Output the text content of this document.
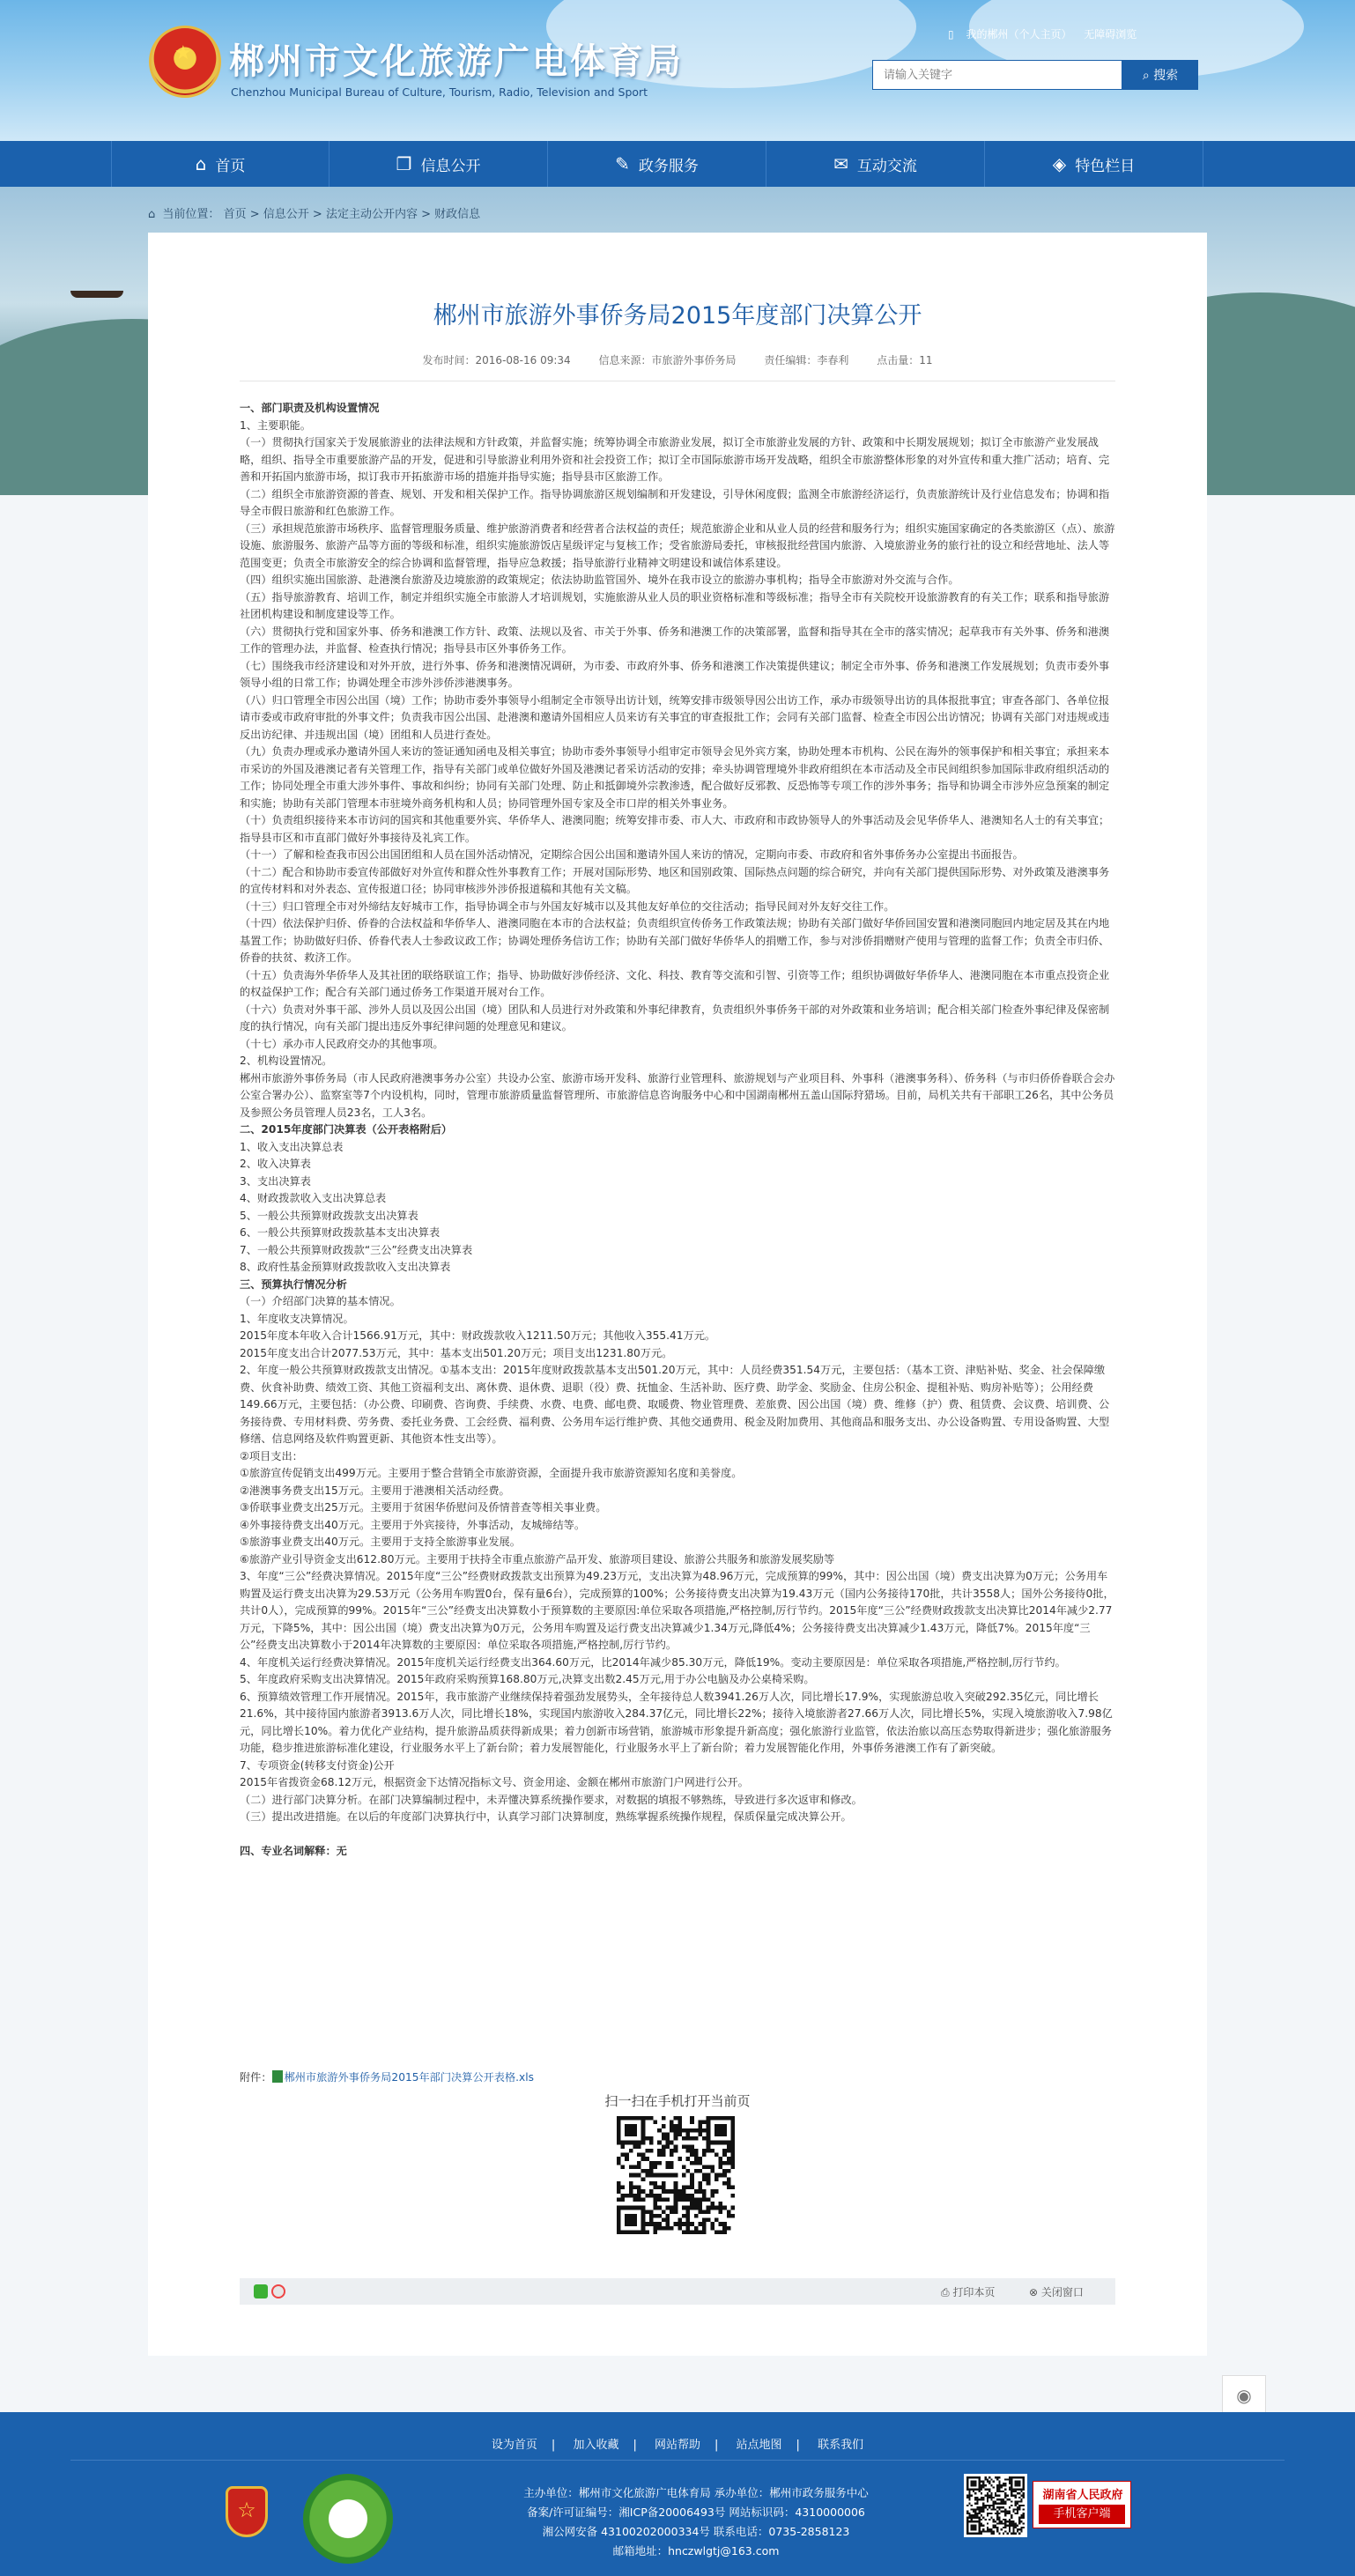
★ 郴州市文化旅游广电体育局
Chenzhou Municipal Bureau of Culture, Tourism, Radio, Television and Sport
▯ 我的郴州（个人主页） 无障碍浏览
请输入关键字
⌕ 搜索
⌂ 首页	❐ 信息公开	✎ 政务服务	✉ 互动交流	◈ 特色栏目
⌂ 当前位置： 首页 > 信息公开 > 法定主动公开内容 > 财政信息
郴州市旅游外事侨务局2015年度部门决算公开
发布时间：2016-08-16 09:34	信息来源：市旅游外事侨务局	责任编辑：李春利	点击量：11

一、部门职责及机构设置情况

1、主要职能。

（一）贯彻执行国家关于发展旅游业的法律法规和方针政策，并监督实施；统筹协调全市旅游业发展，拟订全市旅游业发展的方针、政策和中长期发展规划；拟订全市旅游产业发展战略，组织、指导全市重要旅游产品的开发，促进和引导旅游业利用外资和社会投资工作；拟订全市国际旅游市场开发战略，组织全市旅游整体形象的对外宣传和重大推广活动；培育、完善和开拓国内旅游市场，拟订我市开拓旅游市场的措施并指导实施；指导县市区旅游工作。

（二）组织全市旅游资源的普查、规划、开发和相关保护工作。指导协调旅游区规划编制和开发建设，引导休闲度假；监测全市旅游经济运行，负责旅游统计及行业信息发布；协调和指导全市假日旅游和红色旅游工作。

（三）承担规范旅游市场秩序、监督管理服务质量、维护旅游消费者和经营者合法权益的责任；规范旅游企业和从业人员的经营和服务行为；组织实施国家确定的各类旅游区（点）、旅游设施、旅游服务、旅游产品等方面的等级和标准，组织实施旅游饭店星级评定与复核工作；受省旅游局委托，审核报批经营国内旅游、入境旅游业务的旅行社的设立和经营地址、法人等范围变更；负责全市旅游安全的综合协调和监督管理，指导应急救援；指导旅游行业精神文明建设和诚信体系建设。

（四）组织实施出国旅游、赴港澳台旅游及边境旅游的政策规定；依法协助监管国外、境外在我市设立的旅游办事机构；指导全市旅游对外交流与合作。

（五）指导旅游教育、培训工作，制定并组织实施全市旅游人才培训规划，实施旅游从业人员的职业资格标准和等级标准；指导全市有关院校开设旅游教育的有关工作；联系和指导旅游社团机构建设和制度建设等工作。

（六）贯彻执行党和国家外事、侨务和港澳工作方针、政策、法规以及省、市关于外事、侨务和港澳工作的决策部署，监督和指导其在全市的落实情况；起草我市有关外事、侨务和港澳工作的管理办法，并监督、检查执行情况；指导县市区外事侨务工作。

（七）围绕我市经济建设和对外开放，进行外事、侨务和港澳情况调研，为市委、市政府外事、侨务和港澳工作决策提供建议；制定全市外事、侨务和港澳工作发展规划；负责市委外事领导小组的日常工作；协调处理全市涉外涉侨涉港澳事务。

（八）归口管理全市因公出国（境）工作；协助市委外事领导小组制定全市领导出访计划，统筹安排市级领导因公出访工作，承办市级领导出访的具体报批事宜；审查各部门、各单位报请市委或市政府审批的外事文件；负责我市因公出国、赴港澳和邀请外国相应人员来访有关事宜的审查报批工作；会同有关部门监督、检查全市因公出访情况；协调有关部门对违规或违反出访纪律、并违规出国（境）团组和人员进行查处。

（九）负责办理或承办邀请外国人来访的签证通知函电及相关事宜；协助市委外事领导小组审定市领导会见外宾方案，协助处理本市机构、公民在海外的领事保护和相关事宜；承担来本市采访的外国及港澳记者有关管理工作，指导有关部门或单位做好外国及港澳记者采访活动的安排；牵头协调管理境外非政府组织在本市活动及全市民间组织参加国际非政府组织活动的工作；协同处理全市重大涉外事件、事故和纠纷；协同有关部门处理、防止和抵御境外宗教渗透，配合做好反邪教、反恐怖等专项工作的涉外事务；指导和协调全市涉外应急预案的制定和实施；协助有关部门管理本市驻境外商务机构和人员；协同管理外国专家及全市口岸的相关外事业务。

（十）负责组织接待来本市访问的国宾和其他重要外宾、华侨华人、港澳同胞；统筹安排市委、市人大、市政府和市政协领导人的外事活动及会见华侨华人、港澳知名人士的有关事宜；指导县市区和市直部门做好外事接待及礼宾工作。

（十一）了解和检查我市因公出国团组和人员在国外活动情况，定期综合因公出国和邀请外国人来访的情况，定期向市委、市政府和省外事侨务办公室提出书面报告。

（十二）配合和协助市委宣传部做好对外宣传和群众性外事教育工作；开展对国际形势、地区和国别政策、国际热点问题的综合研究，并向有关部门提供国际形势、对外政策及港澳事务的宣传材料和对外表态、宣传报道口径；协同审核涉外涉侨报道稿和其他有关文稿。

（十三）归口管理全市对外缔结友好城市工作，指导协调全市与外国友好城市以及其他友好单位的交往活动；指导民间对外友好交往工作。

（十四）依法保护归侨、侨眷的合法权益和华侨华人、港澳同胞在本市的合法权益；负责组织宣传侨务工作政策法规；协助有关部门做好华侨回国安置和港澳同胞回内地定居及其在内地基置工作；协助做好归侨、侨眷代表人士参政议政工作；协调处理侨务信访工作；协助有关部门做好华侨华人的捐赠工作，参与对涉侨捐赠财产使用与管理的监督工作；负责全市归侨、侨眷的扶贫、救济工作。

（十五）负责海外华侨华人及其社团的联络联谊工作；指导、协助做好涉侨经济、文化、科技、教育等交流和引智、引资等工作；组织协调做好华侨华人、港澳同胞在本市重点投资企业的权益保护工作；配合有关部门通过侨务工作渠道开展对台工作。

（十六）负责对外事干部、涉外人员以及因公出国（境）团队和人员进行对外政策和外事纪律教育，负责组织外事侨务干部的对外政策和业务培训；配合相关部门检查外事纪律及保密制度的执行情况，向有关部门提出违反外事纪律问题的处理意见和建议。

（十七）承办市人民政府交办的其他事项。

2、机构设置情况。

郴州市旅游外事侨务局（市人民政府港澳事务办公室）共设办公室、旅游市场开发科、旅游行业管理科、旅游规划与产业项目科、外事科（港澳事务科）、侨务科（与市归侨侨眷联合会办公室合署办公）、监察室等7个内设机构，同时，管理市旅游质量监督管理所、市旅游信息咨询服务中心和中国湖南郴州五盖山国际狩猎场。目前，局机关共有干部职工26名，其中公务员及参照公务员管理人员23名，工人3名。

二、2015年度部门决算表（公开表格附后）

1、收入支出决算总表

2、收入决算表

3、支出决算表

4、财政拨款收入支出决算总表

5、一般公共预算财政拨款支出决算表

6、一般公共预算财政拨款基本支出决算表

7、一般公共预算财政拨款“三公”经费支出决算表

8、政府性基金预算财政拨款收入支出决算表

三、预算执行情况分析

（一）介绍部门决算的基本情况。

1、年度收支决算情况。

2015年度本年收入合计1566.91万元，其中：财政拨款收入1211.50万元；其他收入355.41万元。

2015年度支出合计2077.53万元，其中：基本支出501.20万元；项目支出1231.80万元。

2、年度一般公共预算财政拨款支出情况。①基本支出：2015年度财政拨款基本支出501.20万元，其中：人员经费351.54万元，主要包括：（基本工资、津贴补贴、奖金、社会保障缴费、伙食补助费、绩效工资、其他工资福利支出、离休费、退休费、退职（役）费、抚恤金、生活补助、医疗费、助学金、奖励金、住房公积金、提租补贴、购房补贴等）；公用经费149.66万元，主要包括：（办公费、印刷费、咨询费、手续费、水费、电费、邮电费、取暖费、物业管理费、差旅费、因公出国（境）费、维修（护）费、租赁费、会议费、培训费、公务接待费、专用材料费、劳务费、委托业务费、工会经费、福利费、公务用车运行维护费、其他交通费用、税金及附加费用、其他商品和服务支出、办公设备购置、专用设备购置、大型修缮、信息网络及软件购置更新、其他资本性支出等）。

②项目支出：

①旅游宣传促销支出499万元。主要用于整合营销全市旅游资源，全面提升我市旅游资源知名度和美誉度。

②港澳事务费支出15万元。主要用于港澳相关活动经费。

③侨联事业费支出25万元。主要用于贫困华侨慰问及侨情普查等相关事业费。

④外事接待费支出40万元。主要用于外宾接待，外事活动，友城缔结等。

⑤旅游事业费支出40万元。主要用于支持全旅游事业发展。

⑥旅游产业引导资金支出612.80万元。主要用于扶持全市重点旅游产品开发、旅游项目建设、旅游公共服务和旅游发展奖励等

3、年度“三公”经费决算情况。2015年度“三公”经费财政拨款支出预算为49.23万元，支出决算为48.96万元，完成预算的99%，其中：因公出国（境）费支出决算为0万元；公务用车购置及运行费支出决算为29.53万元（公务用车购置0台，保有量6台），完成预算的100%；公务接待费支出决算为19.43万元（国内公务接待170批，共计3558人；国外公务接待0批，共计0人），完成预算的99%。2015年“三公”经费支出决算数小于预算数的主要原因:单位采取各项措施,严格控制,厉行节约。2015年度“三公”经费财政拨款支出决算比2014年减少2.77万元，下降5%，其中：因公出国（境）费支出决算为0万元，公务用车购置及运行费支出决算减少1.34万元,降低4%；公务接待费支出决算减少1.43万元，降低7%。2015年度“三公”经费支出决算数小于2014年决算数的主要原因：单位采取各项措施,严格控制,厉行节约。

4、年度机关运行经费决算情况。2015年度机关运行经费支出364.60万元，比2014年减少85.30万元，降低19%。变动主要原因是：单位采取各项措施,严格控制,厉行节约。

5、年度政府采购支出决算情况。2015年政府采购预算168.80万元,决算支出数2.45万元,用于办公电脑及办公桌椅采购。

6、预算绩效管理工作开展情况。2015年，我市旅游产业继续保持着强劲发展势头，全年接待总人数3941.26万人次，同比增长17.9%，实现旅游总收入突破292.35亿元，同比增长21.6%，其中接待国内旅游者3913.6万人次，同比增长18%，实现国内旅游收入284.37亿元，同比增长22%；接待入境旅游者27.66万人次，同比增长5%，实现入境旅游收入7.98亿元，同比增长10%。着力优化产业结构，提升旅游品质获得新成果；着力创新市场营销，旅游城市形象提升新高度；强化旅游行业监管，依法治旅以高压态势取得新进步；强化旅游服务功能，稳步推进旅游标准化建设，行业服务水平上了新台阶；着力发展智能化，行业服务水平上了新台阶；着力发展智能化作用，外事侨务港澳工作有了新突破。

7、专项资金(转移支付资金)公开

2015年省拨资金68.12万元，根据资金下达情况指标文号、资金用途、金额在郴州市旅游门户网进行公开。

（二）进行部门决算分析。在部门决算编制过程中，未弄懂决算系统操作要求，对数据的填报不够熟练，导致进行多次返审和修改。

（三）提出改进措施。在以后的年度部门决算执行中，认真学习部门决算制度，熟练掌握系统操作规程，保质保量完成决算公开。

四、专业名词解释：无

附件： 郴州市旅游外事侨务局2015年部门决算公开表格.xls
扫一扫在手机打开当前页
⎙ 打印本页	⊗ 关闭窗口
◉
设为首页 | 加入收藏 | 网站帮助 | 站点地图 | 联系我们
☆
主办单位：郴州市文化旅游广电体育局 承办单位：郴州市政务服务中心
备案/许可证编号：湘ICP备20006493号 网站标识码：4310000006
湘公网安备 43100202000334号 联系电话：0735-2858123
邮箱地址：hnczwlgtj@163.com
湖南省人民政府
手机客户端
